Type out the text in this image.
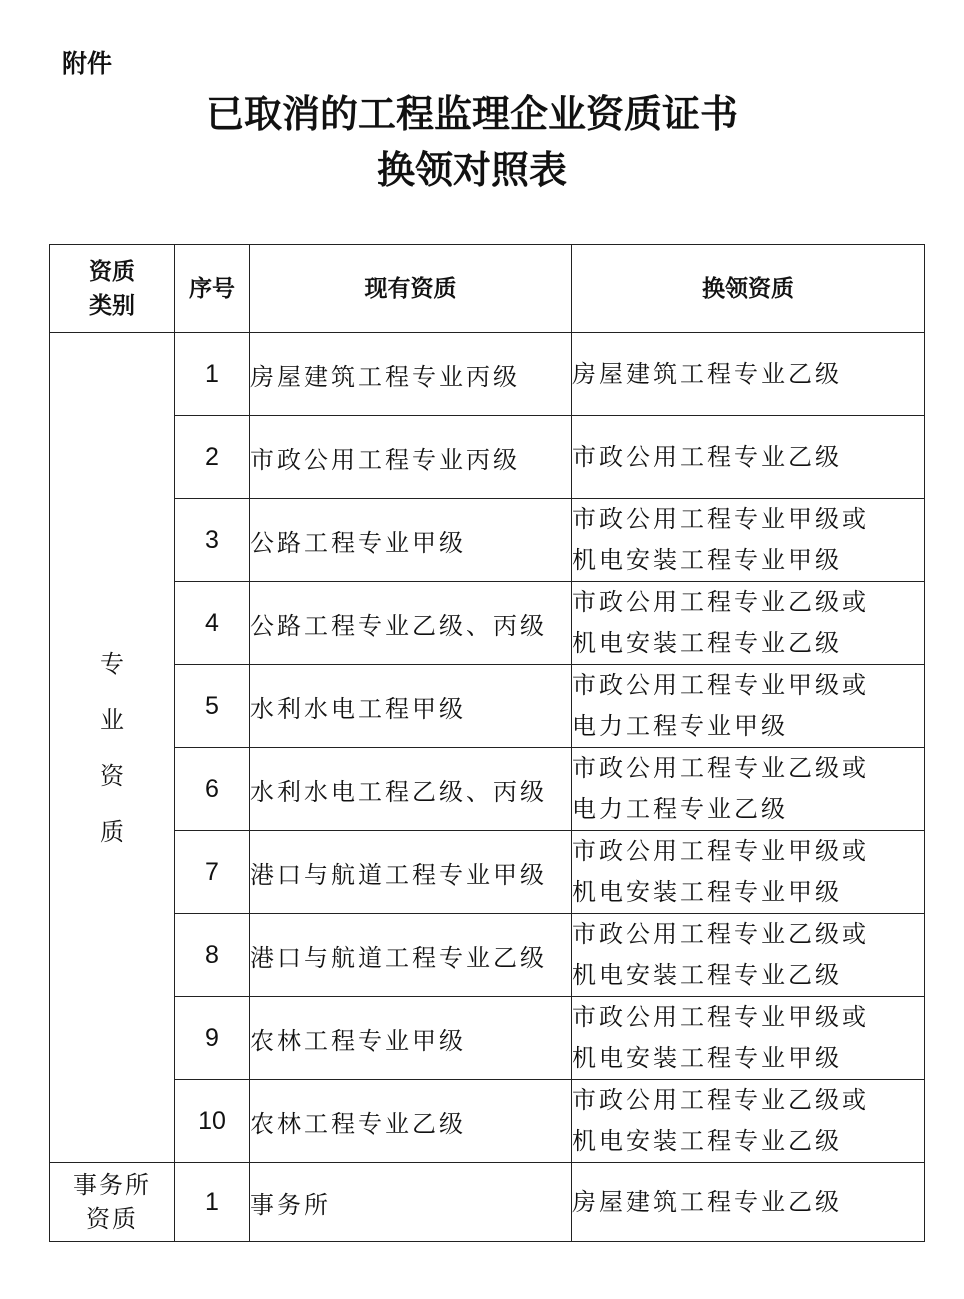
附件
已取消的工程监理企业资质证书
换领对照表
资质类别	序号	现有资质	换领资质
专业资质	1	房屋建筑工程专业丙级	房屋建筑工程专业乙级

	2	市政公用工程专业丙级	市政公用工程专业乙级

	3	公路工程专业甲级	市政公用工程专业甲级或
机电安装工程专业甲级

	4	公路工程专业乙级、丙级	市政公用工程专业乙级或
机电安装工程专业乙级

	5	水利水电工程甲级	市政公用工程专业甲级或
电力工程专业甲级

	6	水利水电工程乙级、丙级	市政公用工程专业乙级或
电力工程专业乙级

	7	港口与航道工程专业甲级	市政公用工程专业甲级或
机电安装工程专业甲级

	8	港口与航道工程专业乙级	市政公用工程专业乙级或
机电安装工程专业乙级

	9	农林工程专业甲级	市政公用工程专业甲级或
机电安装工程专业甲级

	10	农林工程专业乙级	市政公用工程专业乙级或
机电安装工程专业乙级

事务所
资质	1	事务所	房屋建筑工程专业乙级
